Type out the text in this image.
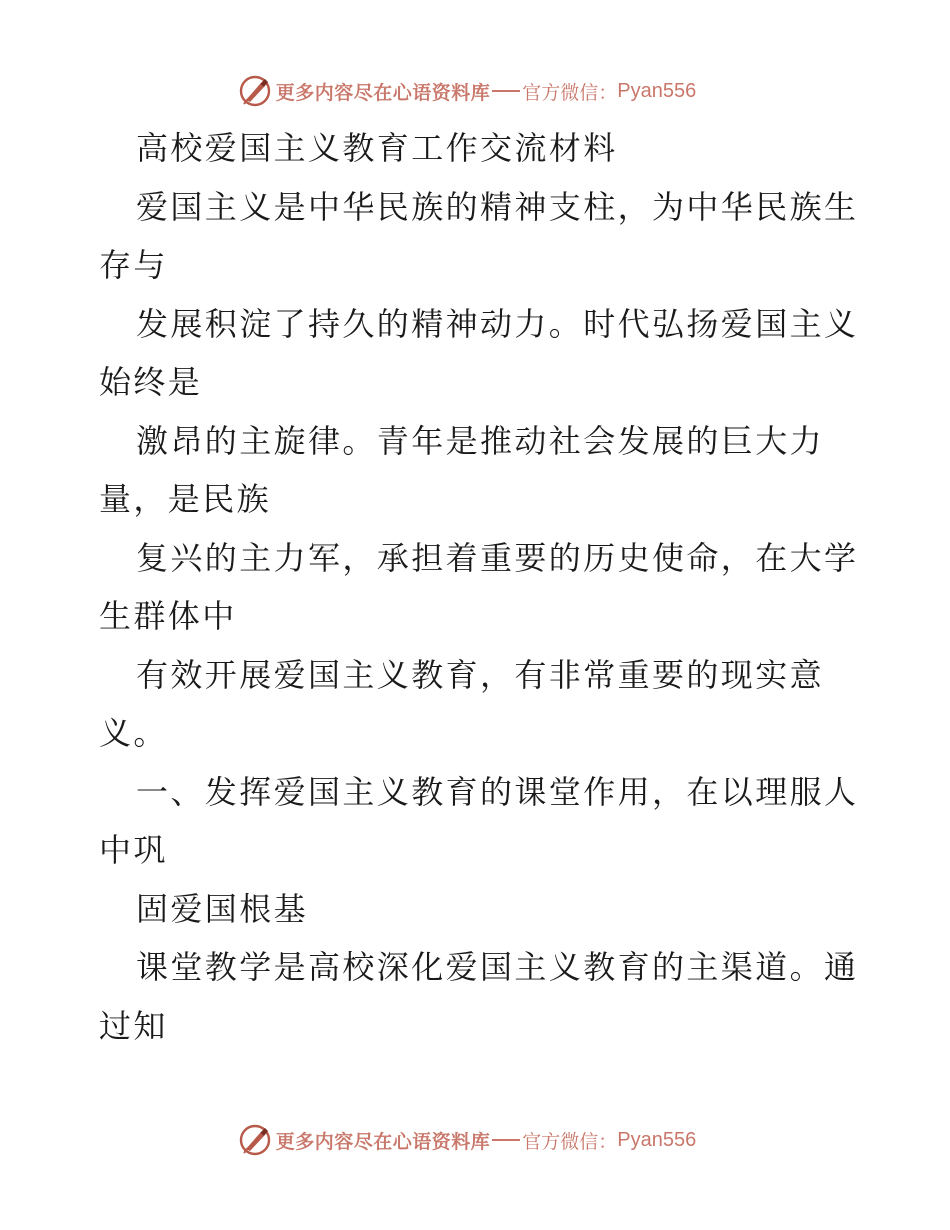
更多内容尽在心语资料库 官方微信： Pyan556
高校爱国主义教育工作交流材料
爱国主义是中华民族的精神支柱，为中华民族生
存与
发展积淀了持久的精神动力。时代弘扬爱国主义
始终是
激昂的主旋律。青年是推动社会发展的巨大力
量，是民族
复兴的主力军，承担着重要的历史使命，在大学
生群体中
有效开展爱国主义教育，有非常重要的现实意
义。
一、发挥爱国主义教育的课堂作用，在以理服人
中巩
固爱国根基
课堂教学是高校深化爱国主义教育的主渠道。通
过知
更多内容尽在心语资料库 官方微信： Pyan556
